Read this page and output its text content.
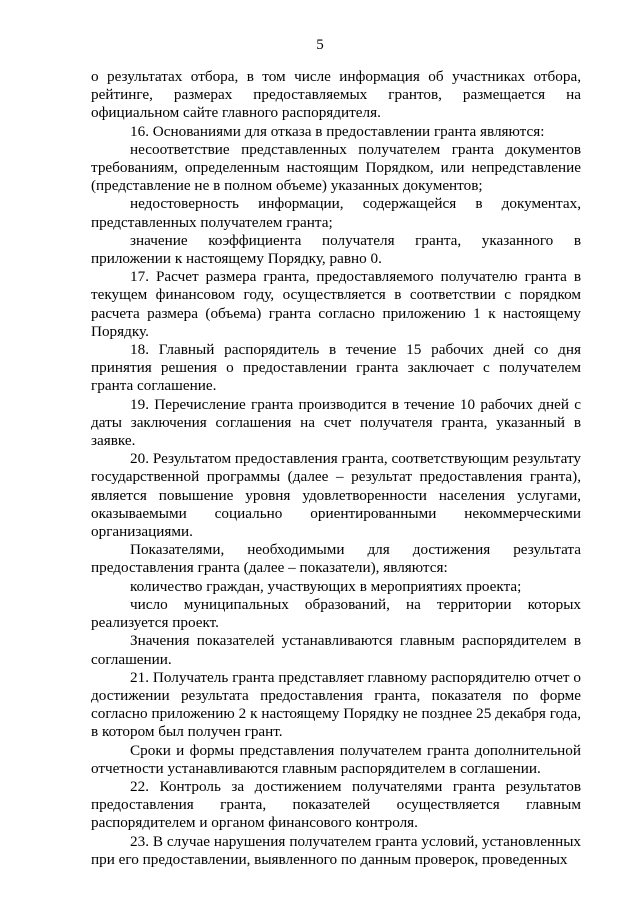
5

о результатах отбора, в том числе информация об участниках отбора, рейтинге, размерах предоставляемых грантов, размещается на официальном сайте главного распорядителя.

16. Основаниями для отказа в предоставлении гранта являются:

несоответствие представленных получателем гранта документов требованиям, определенным настоящим Порядком, или непредставление (представление не в полном объеме) указанных документов;

недостоверность информации, содержащейся в документах, представленных получателем гранта;

значение коэффициента получателя гранта, указанного в приложении к настоящему Порядку, равно 0.

17. Расчет размера гранта, предоставляемого получателю гранта в текущем финансовом году, осуществляется в соответствии с порядком расчета размера (объема) гранта согласно приложению 1 к настоящему Порядку.

18. Главный распорядитель в течение 15 рабочих дней со дня принятия решения о предоставлении гранта заключает с получателем гранта соглашение.

19. Перечисление гранта производится в течение 10 рабочих дней с даты заключения соглашения на счет получателя гранта, указанный в заявке.

20. Результатом предоставления гранта, соответствующим результату государственной программы (далее – результат предоставления гранта), является повышение уровня удовлетворенности населения услугами, оказываемыми социально ориентированными некоммерческими организациями.

Показателями, необходимыми для достижения результата предоставления гранта (далее – показатели), являются:

количество граждан, участвующих в мероприятиях проекта;

число муниципальных образований, на территории которых реализуется проект.

Значения показателей устанавливаются главным распорядителем в соглашении.

21. Получатель гранта представляет главному распорядителю отчет о достижении результата предоставления гранта, показателя по форме согласно приложению 2 к настоящему Порядку не позднее 25 декабря года, в котором был получен грант.

Сроки и формы представления получателем гранта дополнительной отчетности устанавливаются главным распорядителем в соглашении.

22. Контроль за достижением получателями гранта результатов предоставления гранта, показателей осуществляется главным распорядителем и органом финансового контроля.

23. В случае нарушения получателем гранта условий, установленных при его предоставлении, выявленного по данным проверок, проведенных
